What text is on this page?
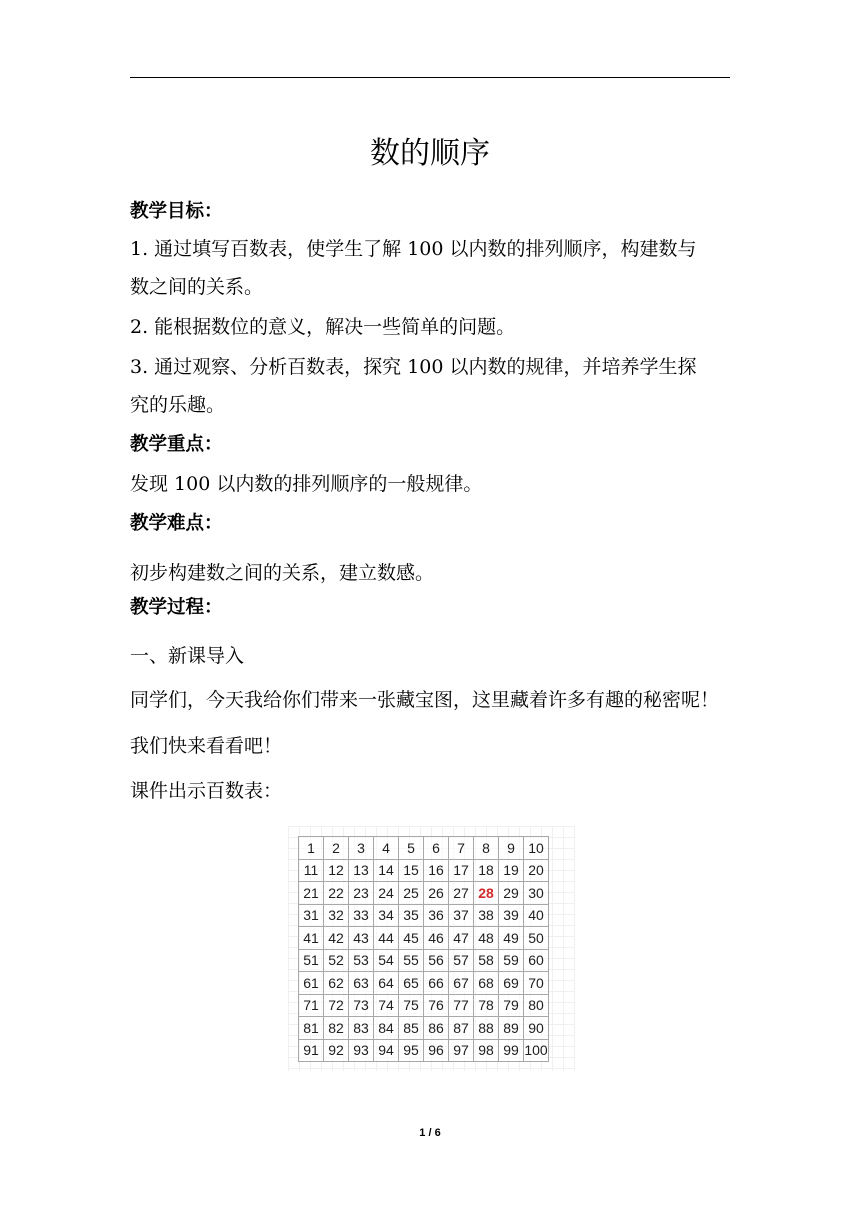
数的顺序
教学目标：
1. 通过填写百数表，使学生了解 100 以内数的排列顺序，构建数与
数之间的关系。
2. 能根据数位的意义，解决一些简单的问题。
3. 通过观察、分析百数表，探究 100 以内数的规律，并培养学生探
究的乐趣。
教学重点：
发现 100 以内数的排列顺序的一般规律。
教学难点：
初步构建数之间的关系，建立数感。
教学过程：
一、新课导入
同学们，今天我给你们带来一张藏宝图，这里藏着许多有趣的秘密呢！
我们快来看看吧！
课件出示百数表：
1	2	3	4	5	6	7	8	9	10
11	12	13	14	15	16	17	18	19	20
21	22	23	24	25	26	27	28	29	30
31	32	33	34	35	36	37	38	39	40
41	42	43	44	45	46	47	48	49	50
51	52	53	54	55	56	57	58	59	60
61	62	63	64	65	66	67	68	69	70
71	72	73	74	75	76	77	78	79	80
81	82	83	84	85	86	87	88	89	90
91	92	93	94	95	96	97	98	99	100
1 / 6
